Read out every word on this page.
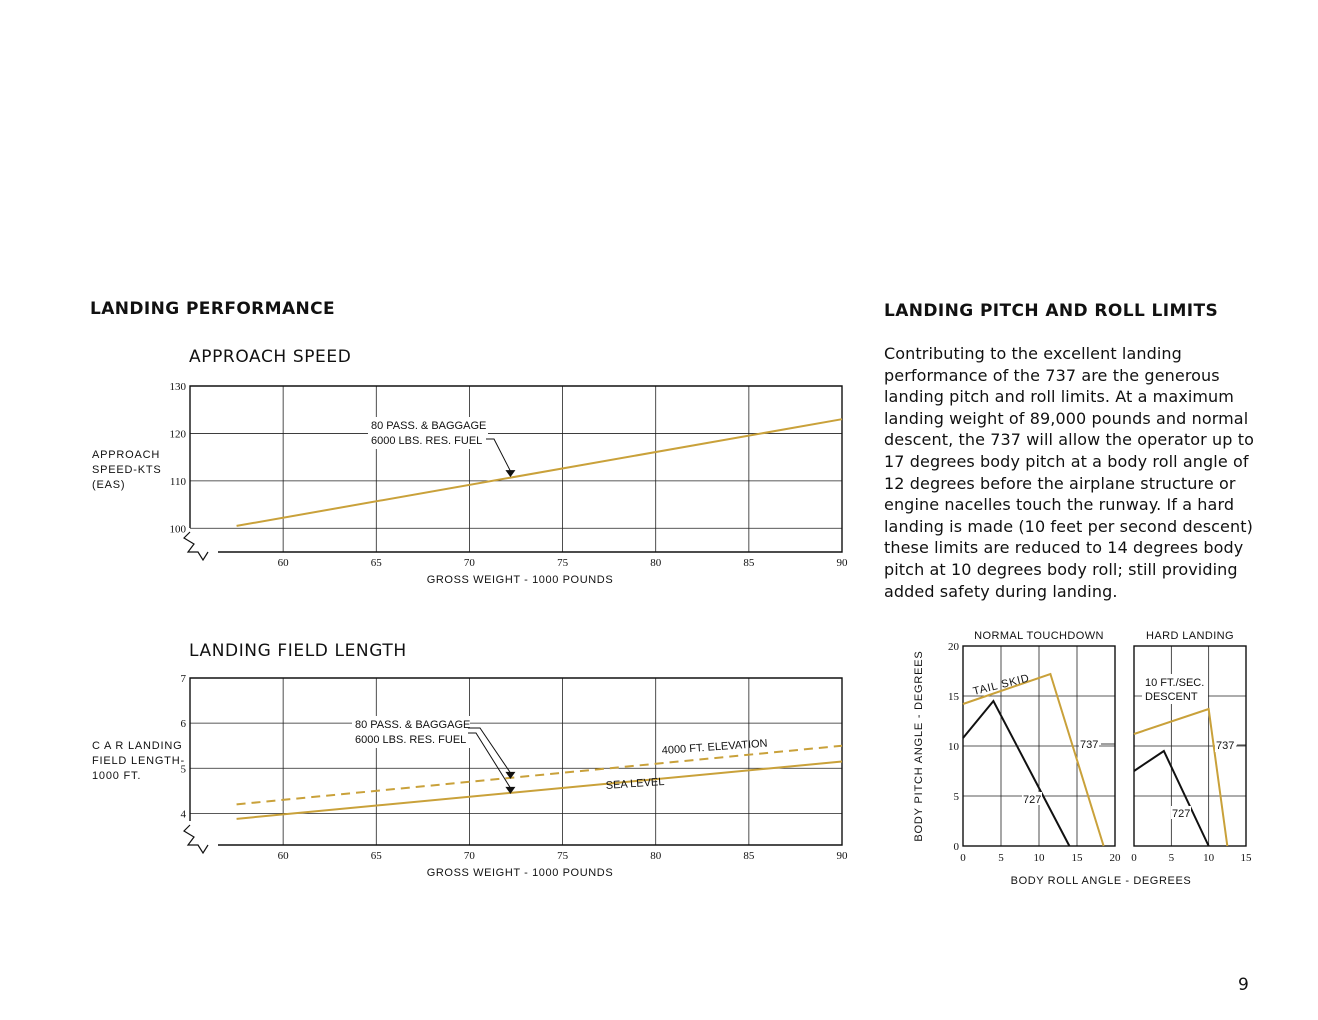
LANDING PERFORMANCE	LANDING PITCH AND ROLL LIMITS
APPROACH SPEED
LANDING FIELD LENGTH

Contributing to the excellent landing performance of the 737 are the generous landing pitch and roll limits. At a maximum landing weight of 89,000 pounds and normal descent, the 737 will allow the operator up to 17 degrees body pitch at a body roll angle of 12 degrees before the airplane structure or engine nacelles touch the runway. If a hard landing is made (10 feet per second descent) these limits are reduced to 14 degrees body pitch at 10 degrees body roll; still providing added safety during landing.

9
100
110
120
130
60	65	70	75	80	85	90
GROSS WEIGHT - 1000 POUNDS
APPROACH
SPEED-KTS
(EAS)
80 PASS. & BAGGAGE
6000 LBS. RES. FUEL
4
5
6
7
60	65	70	75	80	85	90
GROSS WEIGHT - 1000 POUNDS
C A R LANDING
FIELD LENGTH-
1000 FT.
80 PASS. & BAGGAGE
6000 LBS. RES. FUEL	4000 FT. ELEVATION
SEA LEVEL
0	5	10 15 20
0
5
10
15
20
NORMAL TOUCHDOWN
TAIL SKID
737
727
BODY PITCH ANGLE - DEGREES
BODY ROLL ANGLE - DEGREES
0	5	10 15
HARD LANDING
10 FT./SEC.
DESCENT
737
727
